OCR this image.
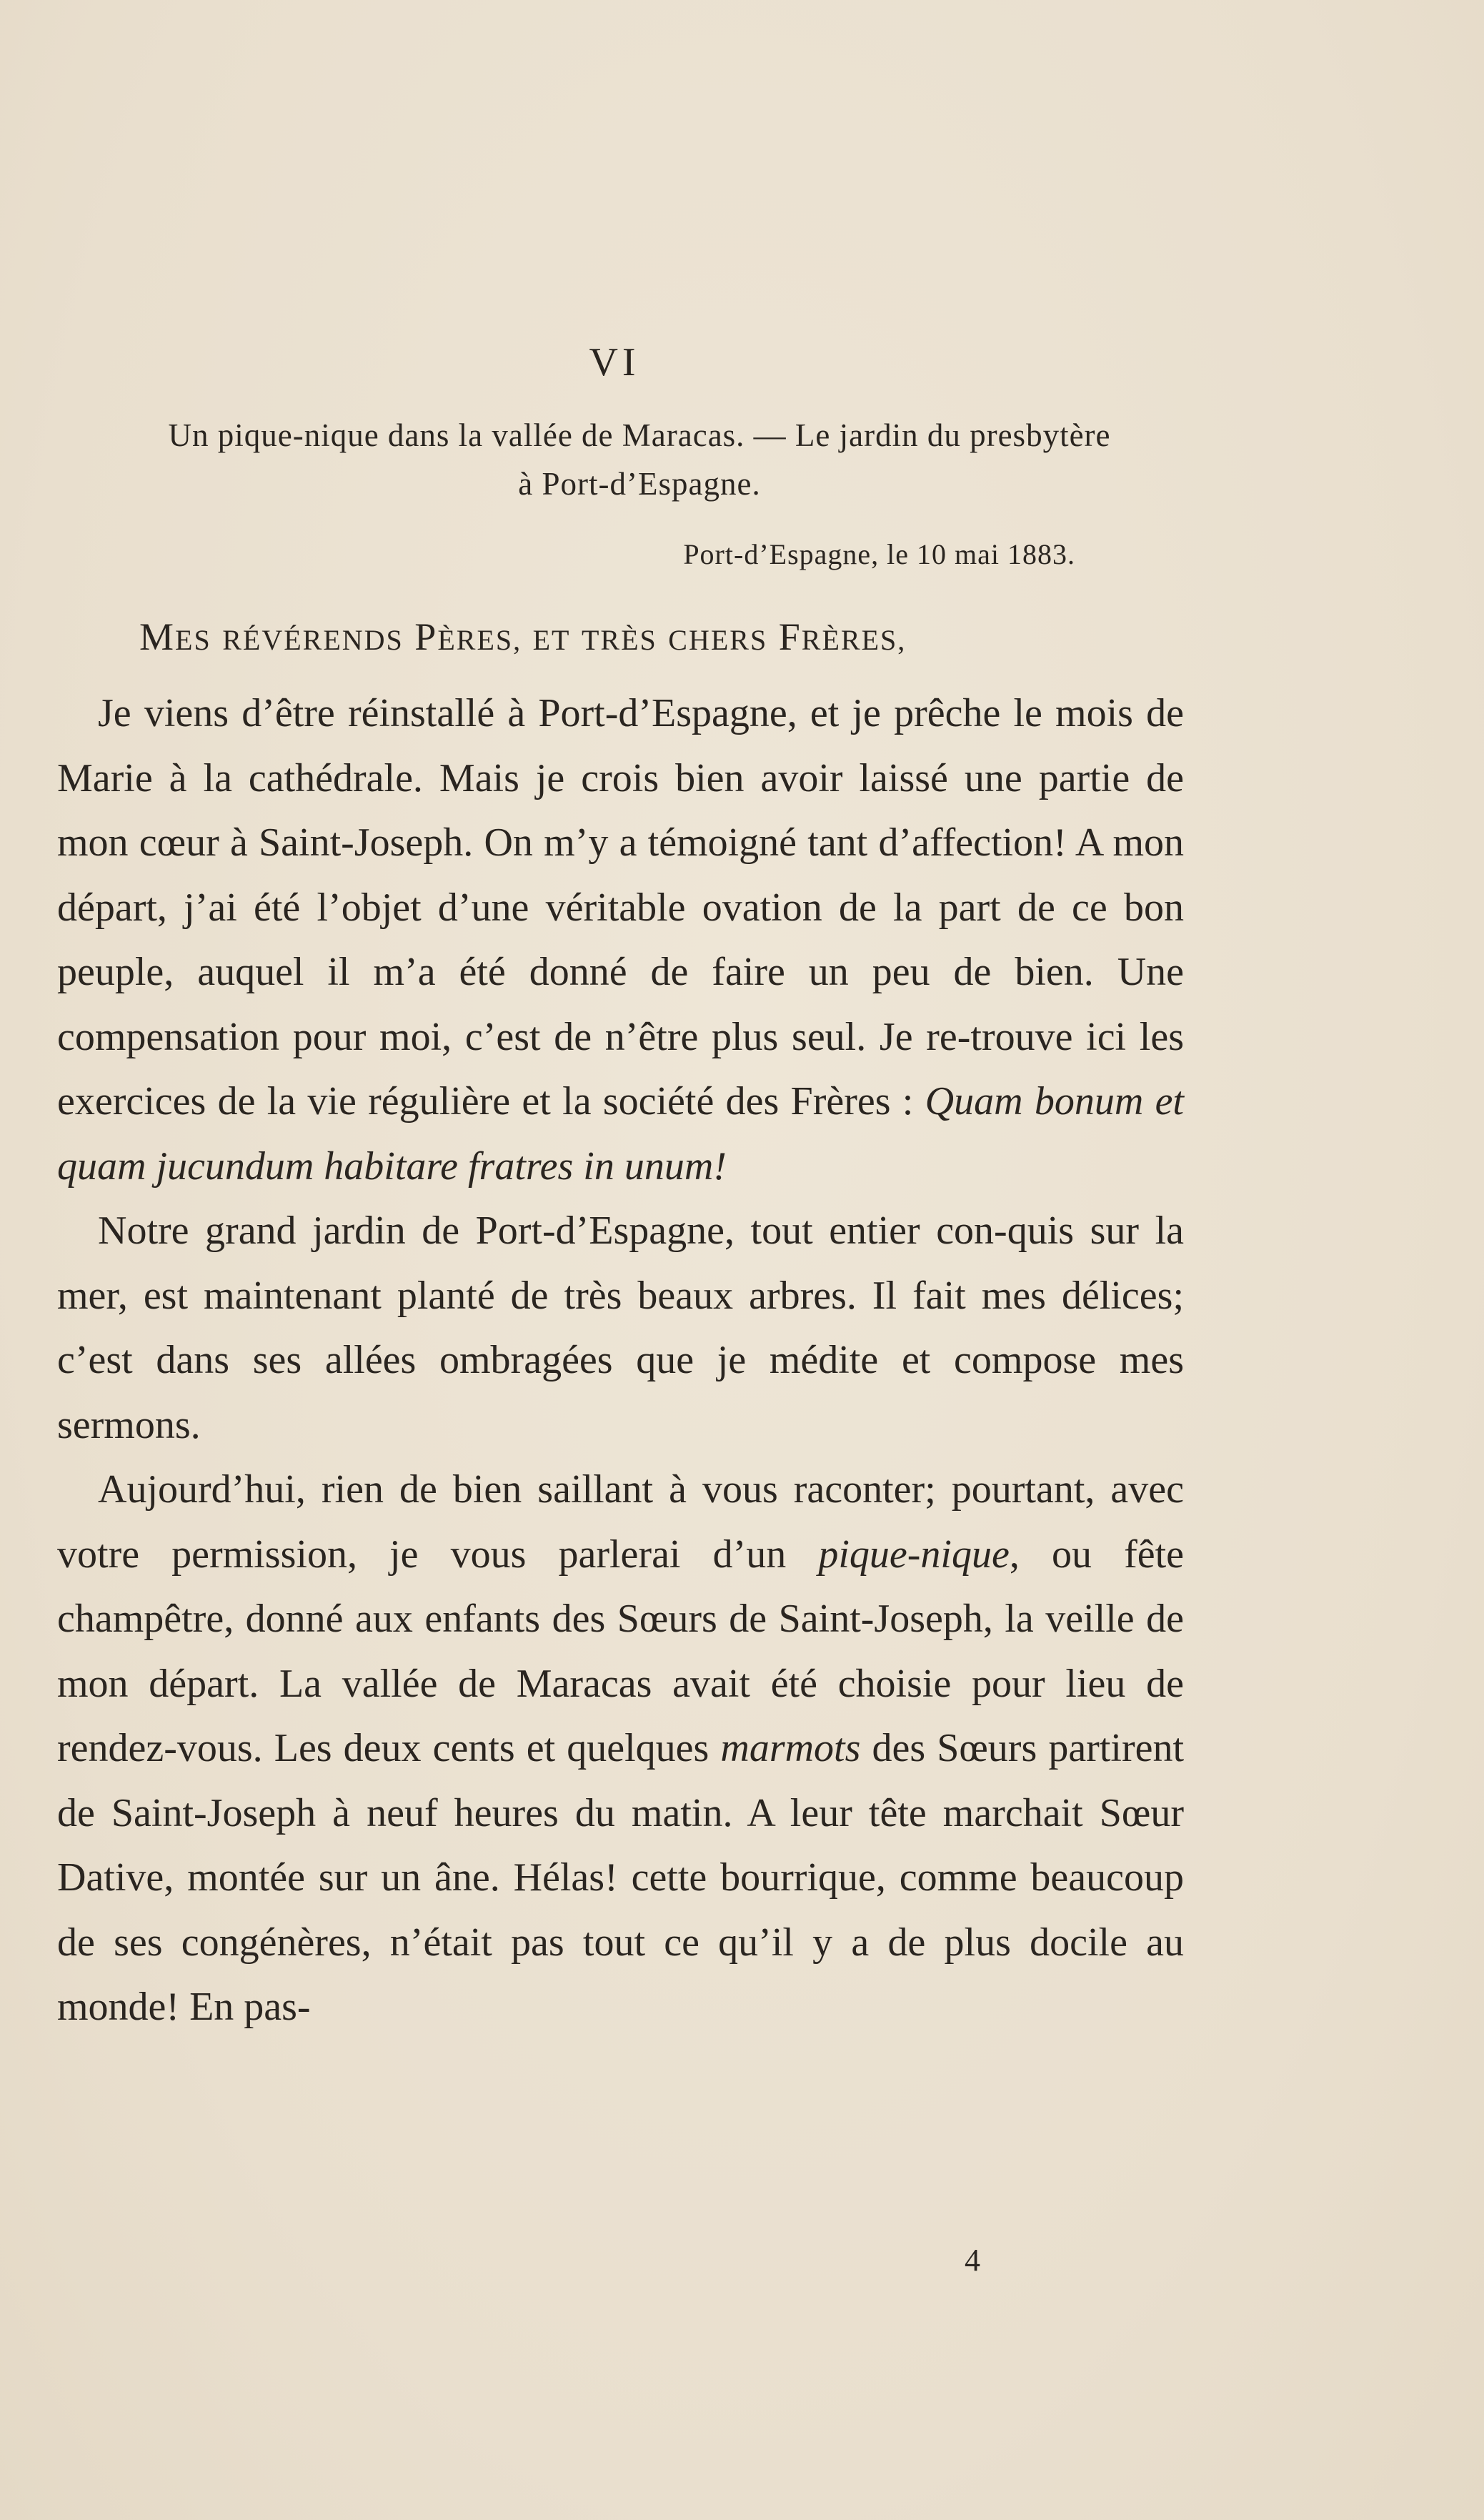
VI
Un pique-nique dans la vallée de Maracas. — Le jardin du presbytère
à Port-d’Espagne.
Port-d’Espagne, le 10 mai 1883.
MES RÉVÉRENDS PÈRES, ET TRÈS CHERS FRÈRES,

Je viens d’être réinstallé à Port-d’Espagne, et je prêche le mois de Marie à la cathédrale. Mais je crois bien avoir laissé une partie de mon cœur à Saint-Joseph. On m’y a témoigné tant d’affection! A mon départ, j’ai été l’objet d’une véritable ovation de la part de ce bon peuple, auquel il m’a été donné de faire un peu de bien. Une compensation pour moi, c’est de n’être plus seul. Je re-trouve ici les exercices de la vie régulière et la société des Frères : Quam bonum et quam jucundum habitare fratres in unum!

Notre grand jardin de Port-d’Espagne, tout entier con-quis sur la mer, est maintenant planté de très beaux arbres. Il fait mes délices; c’est dans ses allées ombragées que je médite et compose mes sermons.

Aujourd’hui, rien de bien saillant à vous raconter; pourtant, avec votre permission, je vous parlerai d’un pique-nique, ou fête champêtre, donné aux enfants des Sœurs de Saint-Joseph, la veille de mon départ. La vallée de Maracas avait été choisie pour lieu de rendez-vous. Les deux cents et quelques marmots des Sœurs partirent de Saint-Joseph à neuf heures du matin. A leur tête marchait Sœur Dative, montée sur un âne. Hélas! cette bourrique, comme beaucoup de ses congénères, n’était pas tout ce qu’il y a de plus docile au monde! En pas-

4
